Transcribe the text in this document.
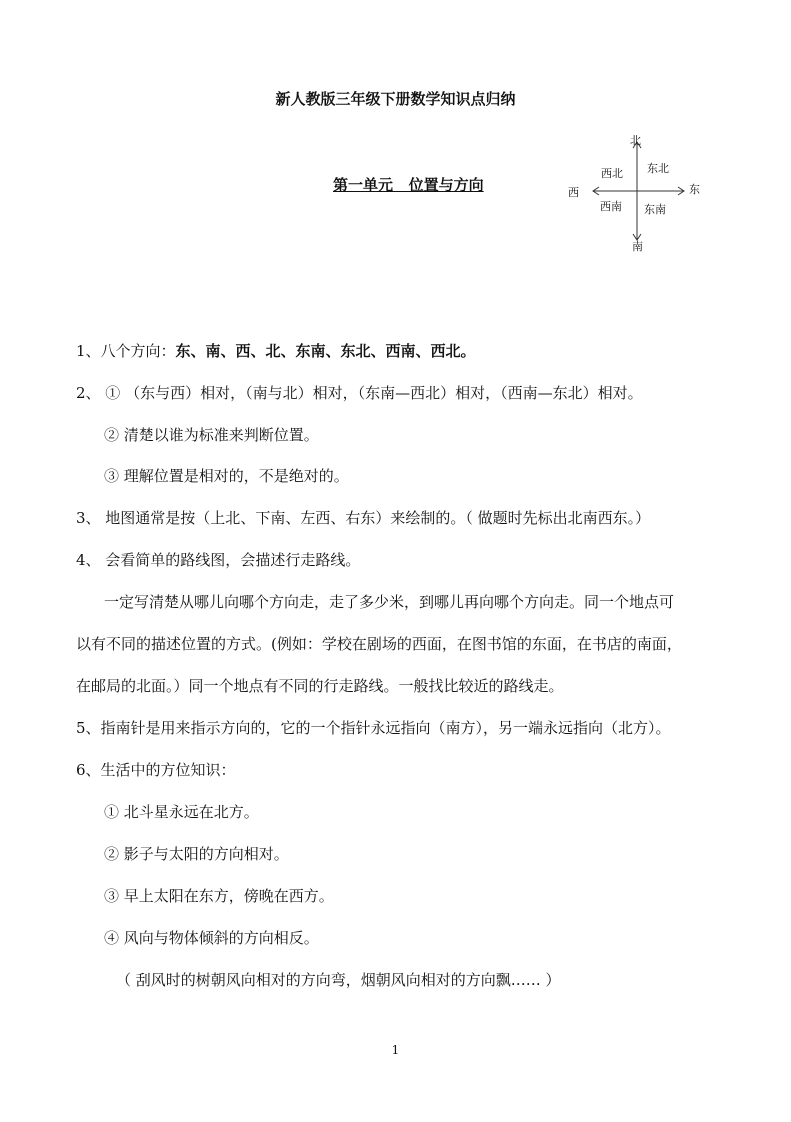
新人教版三年级下册数学知识点归纳
第一单元   位置与方向
北
南
东
西
西北 东北
西南 东南
1、八个方向：东、南、西、北、东南、东北、西南、西北。
2、 ① （东与西）相对，（南与北）相对，（东南—西北）相对，（西南—东北）相对。
② 清楚以谁为标准来判断位置。
③ 理解位置是相对的，不是绝对的。
3、 地图通常是按（上北、下南、左西、右东）来绘制的。（ 做题时先标出北南西东。）
4、 会看简单的路线图，会描述行走路线。
一定写清楚从哪儿向哪个方向走，走了多少米，到哪儿再向哪个方向走。同一个地点可
以有不同的描述位置的方式。(例如：学校在剧场的西面，在图书馆的东面，在书店的南面，
在邮局的北面。）同一个地点有不同的行走路线。一般找比较近的路线走。
5、指南针是用来指示方向的，它的一个指针永远指向（南方），另一端永远指向（北方）。
6、生活中的方位知识：
① 北斗星永远在北方。
② 影子与太阳的方向相对。
③ 早上太阳在东方，傍晚在西方。
④ 风向与物体倾斜的方向相反。
（ 刮风时的树朝风向相对的方向弯，烟朝风向相对的方向飘…… ）
1
